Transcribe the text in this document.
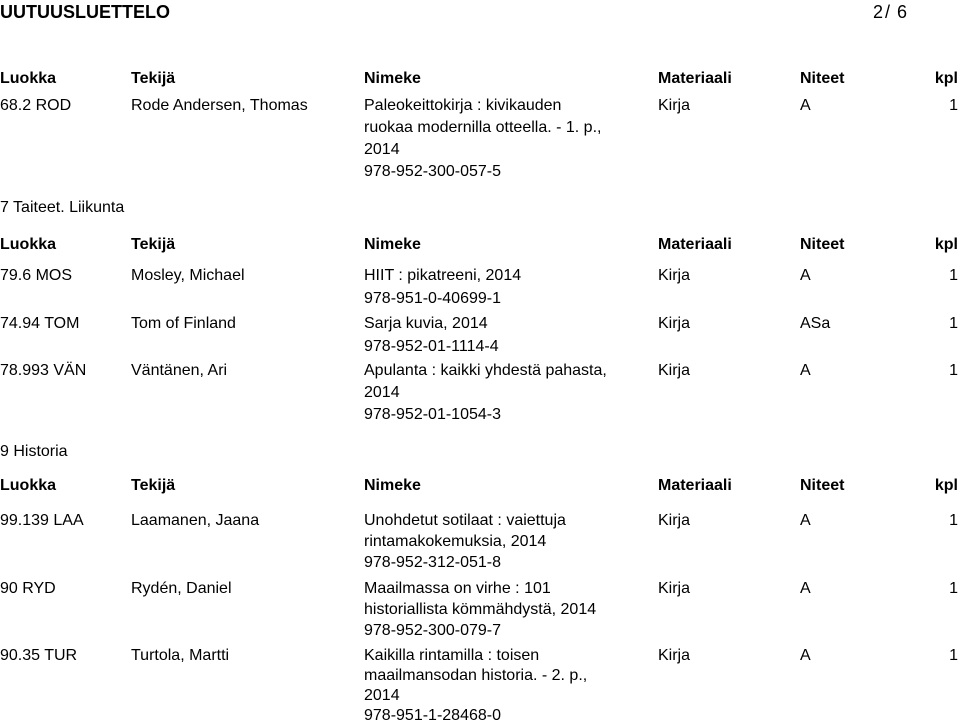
UUTUUSLUETTELO	2 / 6
Luokka	Tekijä	Nimeke	Materiaali	Niteet	kpl
68.2 ROD	Rode Andersen, Thomas	Paleokeittokirja : kivikauden
ruokaa modernilla otteella. - 1. p.,
2014
978-952-300-057-5
Kirja	A	1
7 Taiteet. Liikunta
Luokka	Tekijä	Nimeke	Materiaali	Niteet	kpl
79.6 MOS	Mosley, Michael	HIIT : pikatreeni, 2014
978-951-0-40699-1
Kirja	A	1
74.94 TOM	Tom of Finland	Sarja kuvia, 2014
978-952-01-1114-4
Kirja	ASa	1
78.993 VÄN	Väntänen, Ari	Apulanta : kaikki yhdestä pahasta,
2014
978-952-01-1054-3
Kirja	A	1
9 Historia
Luokka	Tekijä	Nimeke	Materiaali	Niteet	kpl
99.139 LAA	Laamanen, Jaana	Unohdetut sotilaat : vaiettuja
rintamakokemuksia, 2014
978-952-312-051-8
Kirja	A	1
90 RYD	Rydén, Daniel	Maailmassa on virhe : 101
historiallista kömmähdystä, 2014
978-952-300-079-7
Kirja	A	1
90.35 TUR	Turtola, Martti	Kaikilla rintamilla : toisen
maailmansodan historia. - 2. p.,
2014
978-951-1-28468-0
Kirja	A	1
